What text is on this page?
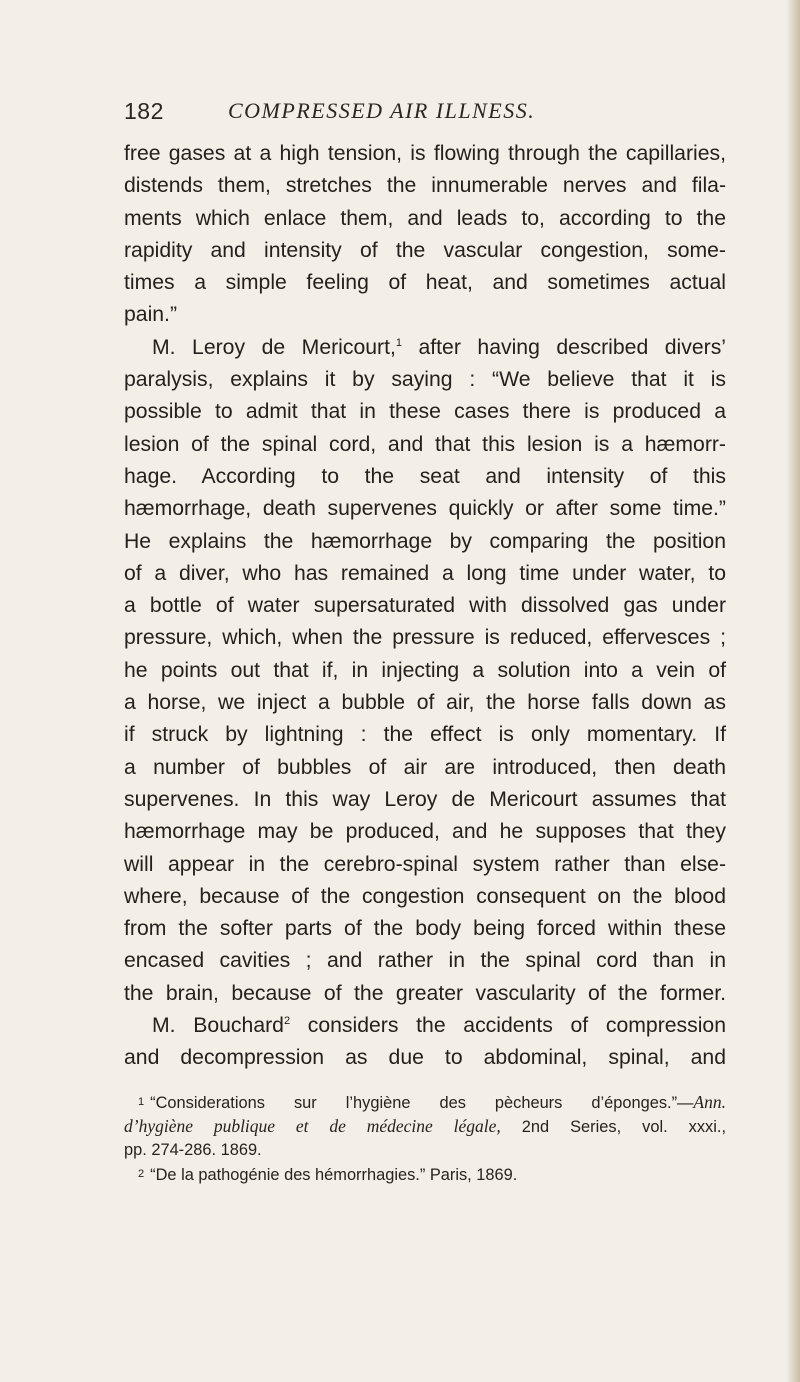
182	COMPRESSED AIR ILLNESS.
free gases at a high tension, is flowing through the capillaries,
distends them, stretches the innumerable nerves and fila-
ments which enlace them, and leads to, according to the
rapidity and intensity of the vascular congestion, some-
times a simple feeling of heat, and sometimes actual
pain.”
M. Leroy de Mericourt,$^1$ after having described divers’
paralysis, explains it by saying : “We believe that it is
possible to admit that in these cases there is produced a
lesion of the spinal cord, and that this lesion is a hæmorr-
hage. According to the seat and intensity of this
hæmorrhage, death supervenes quickly or after some time.”
He explains the hæmorrhage by comparing the position
of a diver, who has remained a long time under water, to
a bottle of water supersaturated with dissolved gas under
pressure, which, when the pressure is reduced, effervesces ;
he points out that if, in injecting a solution into a vein of
a horse, we inject a bubble of air, the horse falls down as
if struck by lightning : the effect is only momentary. If
a number of bubbles of air are introduced, then death
supervenes. In this way Leroy de Mericourt assumes that
hæmorrhage may be produced, and he supposes that they
will appear in the cerebro-spinal system rather than else-
where, because of the congestion consequent on the blood
from the softer parts of the body being forced within these
encased cavities ; and rather in the spinal cord than in
the brain, because of the greater vascularity of the former.
M. Bouchard$^2$ considers the accidents of compression
and decompression as due to abdominal, spinal, and
1 “Considerations sur l’hygiène des pècheurs d’éponges.”—Ann.
d’hygiène publique et de médecine légale, 2nd Series, vol. xxxi.,
pp. 274-286. 1869.
2 “De la pathogénie des hémorrhagies.” Paris, 1869.
